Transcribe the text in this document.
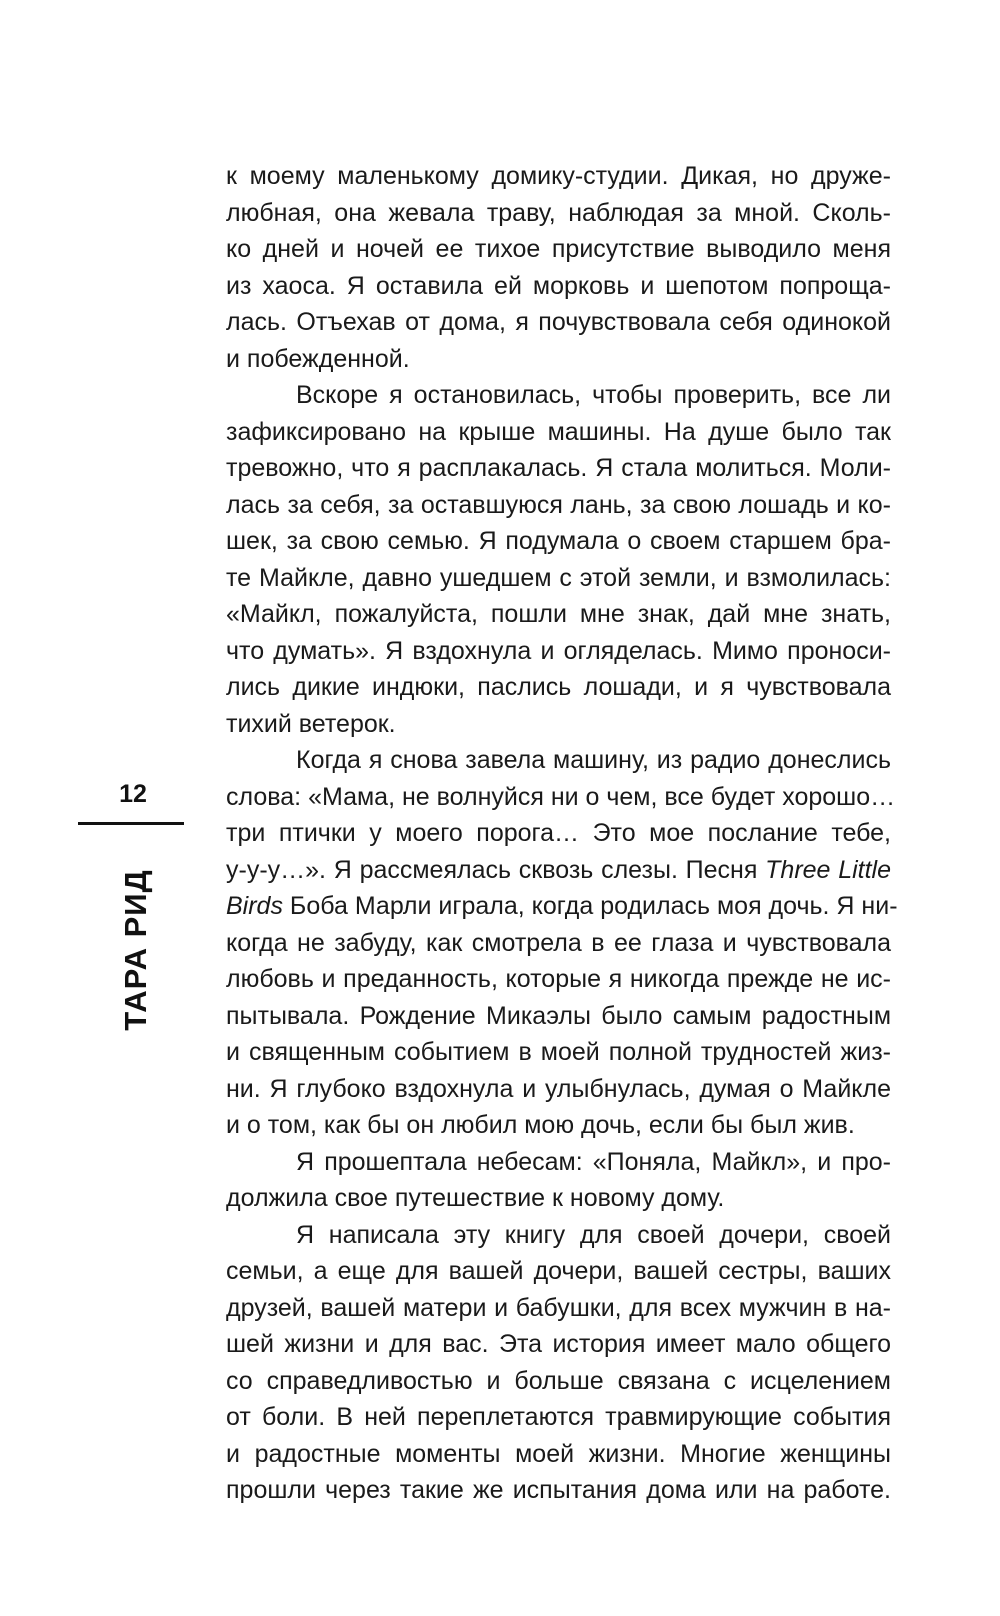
12
ТАРА РИД
к моему маленькому домику-студии. Дикая, но друже-
любная, она жевала траву, наблюдая за мной. Сколь-
ко дней и ночей ее тихое присутствие выводило меня
из хаоса. Я оставила ей морковь и шепотом попроща-
лась. Отъехав от дома, я почувствовала себя одинокой
и побежденной.
Вскоре я остановилась, чтобы проверить, все ли
зафиксировано на крыше машины. На душе было так
тревожно, что я расплакалась. Я стала молиться. Моли-
лась за себя, за оставшуюся лань, за свою лошадь и ко-
шек, за свою семью. Я подумала о своем старшем бра-
те Майкле, давно ушедшем с этой земли, и взмолилась:
«Майкл, пожалуйста, пошли мне знак, дай мне знать,
что думать». Я вздохнула и огляделась. Мимо проноси-
лись дикие индюки, паслись лошади, и я чувствовала
тихий ветерок.
Когда я снова завела машину, из радио донеслись
слова: «Мама, не волнуйся ни о чем, все будет хорошо…
три птички у моего порога… Это мое послание тебе,
у-у-у…». Я рассмеялась сквозь слезы. Песня Three Little
Birds Боба Марли играла, когда родилась моя дочь. Я ни-
когда не забуду, как смотрела в ее глаза и чувствовала
любовь и преданность, которые я никогда прежде не ис-
пытывала. Рождение Микаэлы было самым радостным
и священным событием в моей полной трудностей жиз-
ни. Я глубоко вздохнула и улыбнулась, думая о Майкле
и о том, как бы он любил мою дочь, если бы был жив.
Я прошептала небесам: «Поняла, Майкл», и про-
должила свое путешествие к новому дому.
Я написала эту книгу для своей дочери, своей
семьи, а еще для вашей дочери, вашей сестры, ваших
друзей, вашей матери и бабушки, для всех мужчин в на-
шей жизни и для вас. Эта история имеет мало общего
со справедливостью и больше связана с исцелением
от боли. В ней переплетаются травмирующие события
и радостные моменты моей жизни. Многие женщины
прошли через такие же испытания дома или на работе.
